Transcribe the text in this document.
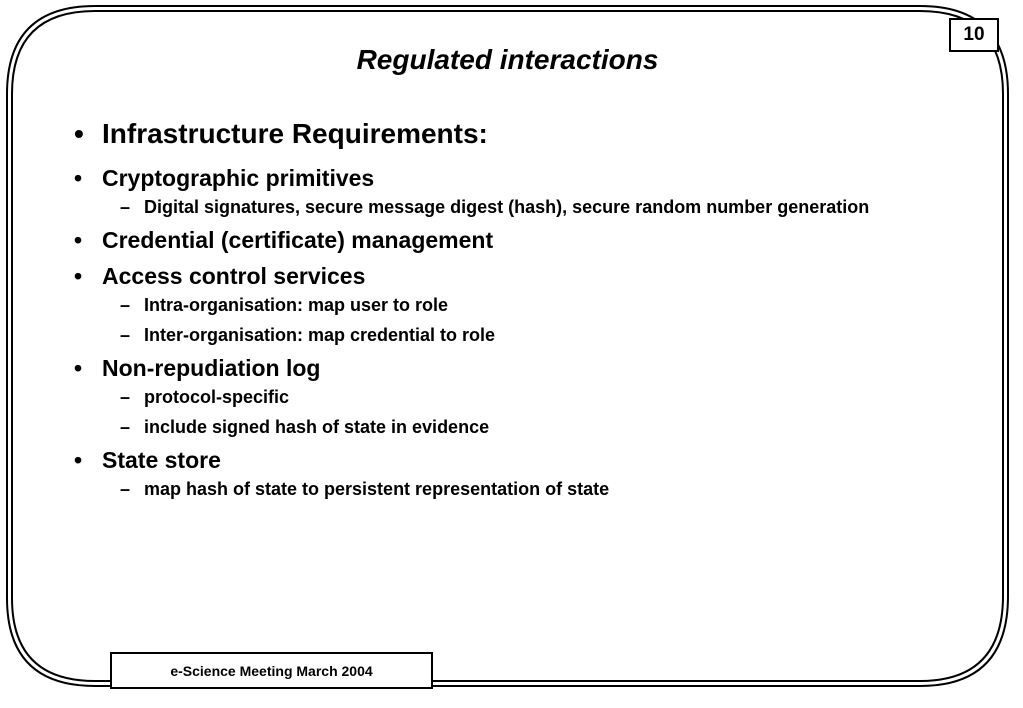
10
Regulated interactions
• Infrastructure Requirements:
• Cryptographic primitives
– Digital signatures, secure message digest (hash), secure random number generation
• Credential (certificate) management
• Access control services
– Intra-organisation: map user to role
– Inter-organisation: map credential to role
• Non-repudiation log
– protocol-specific
– include signed hash of state in evidence
• State store
– map hash of state to persistent representation of state
e-Science Meeting March 2004
